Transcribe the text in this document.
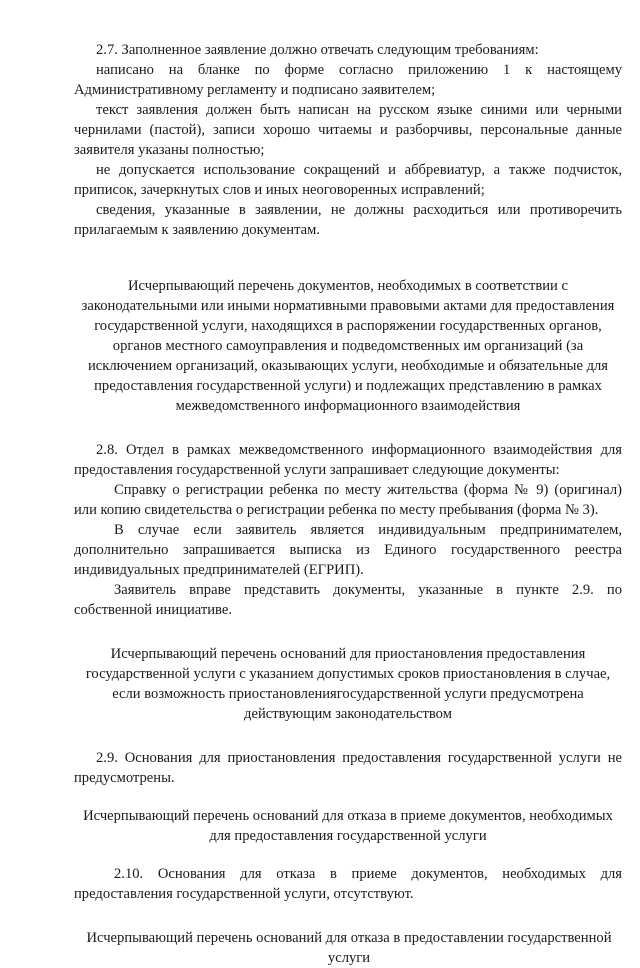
2.7. Заполненное заявление должно отвечать следующим требованиям:

написано на бланке по форме согласно приложению 1 к настоящему Административному регламенту и подписано заявителем;

текст заявления должен быть написан на русском языке синими или черными чернилами (пастой), записи хорошо читаемы и разборчивы, персональные данные заявителя указаны полностью;

не допускается использование сокращений и аббревиатур, а также подчисток, приписок, зачеркнутых слов и иных неоговоренных исправлений;

сведения, указанные в заявлении, не должны расходиться или противоречить прилагаемым к заявлению документам.

Исчерпывающий перечень документов, необходимых в соответствии с законодательными или иными нормативными правовыми актами для предоставления государственной услуги, находящихся в распоряжении государственных органов, органов местного самоуправления и подведомственных им организаций (за исключением организаций, оказывающих услуги, необходимые и обязательные для предоставления государственной услуги) и подлежащих представлению в рамках межведомственного информационного взаимодействия

2.8. Отдел в рамках межведомственного информационного взаимодействия для предоставления государственной услуги запрашивает следующие документы:

Справку о регистрации ребенка по месту жительства (форма № 9) (оригинал) или копию свидетельства о регистрации ребенка по месту пребывания (форма № 3).

В случае если заявитель является индивидуальным предпринимателем, дополнительно запрашивается выписка из Единого государственного реестра индивидуальных предпринимателей (ЕГРИП).

Заявитель вправе представить документы, указанные в пункте 2.9. по собственной инициативе.

Исчерпывающий перечень оснований для приостановления предоставления государственной услуги с указанием допустимых сроков приостановления в случае, если возможность приостановлениягосударственной услуги предусмотрена действующим законодательством

2.9. Основания для приостановления предоставления государственной услуги не предусмотрены.

Исчерпывающий перечень оснований для отказа в приеме документов, необходимых для предоставления государственной услуги

2.10. Основания для отказа в приеме документов, необходимых для предоставления государственной услуги, отсутствуют.

Исчерпывающий перечень оснований для отказа в предоставлении государственной услуги
